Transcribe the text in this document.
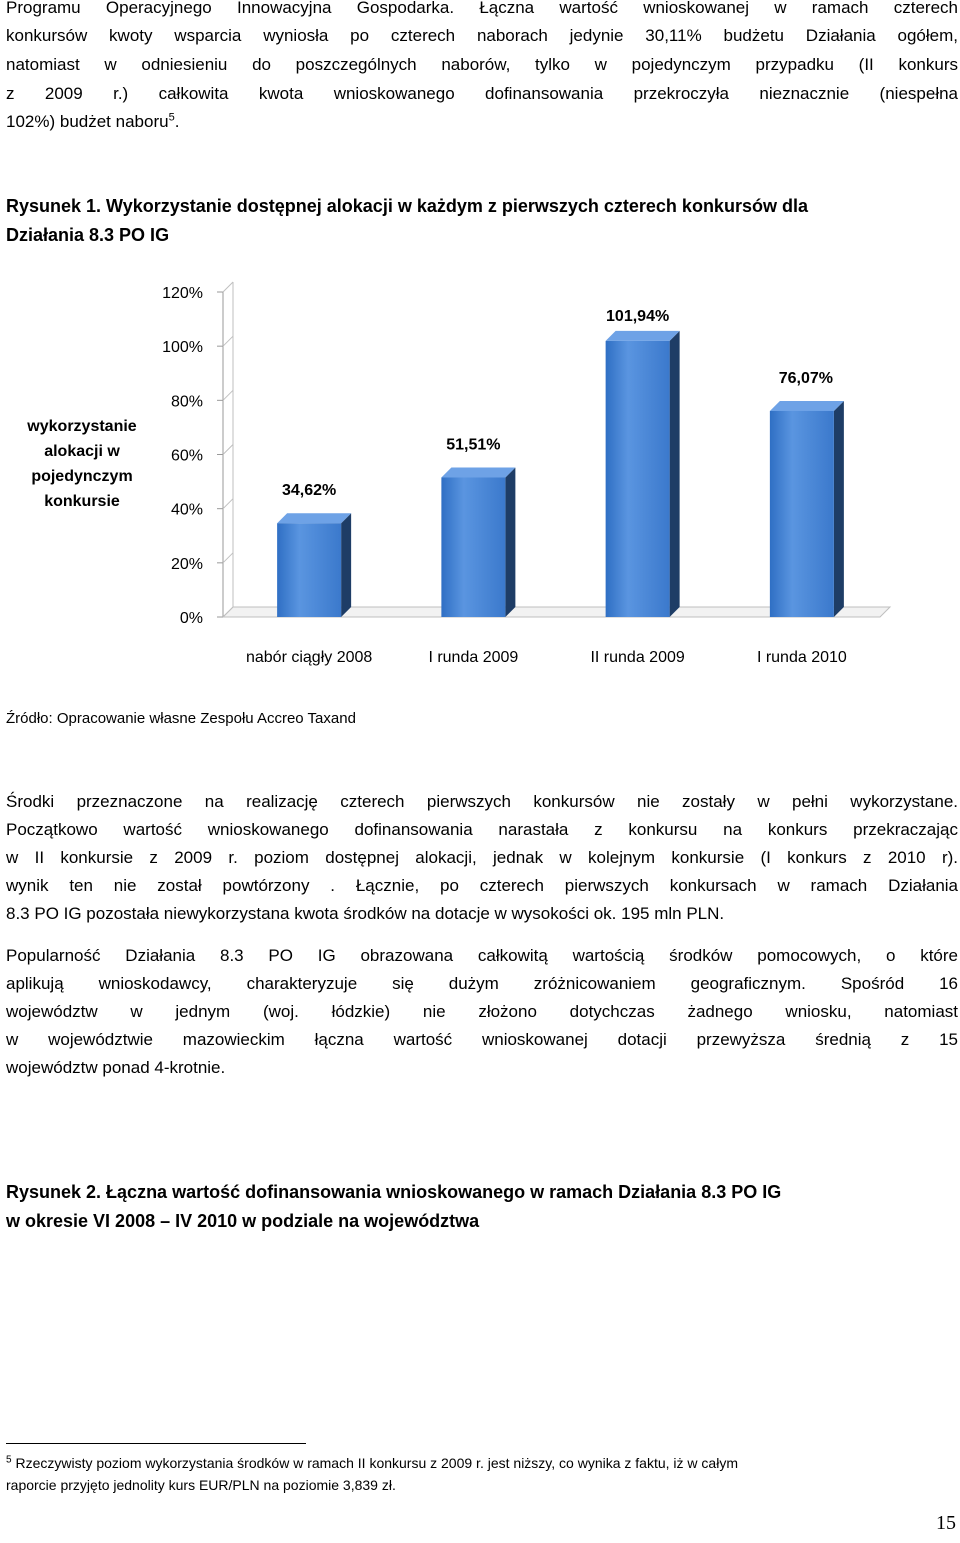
Programu Operacyjnego Innowacyjna Gospodarka. Łączna wartość wnioskowanej w ramach czterech

konkursów kwoty wsparcia wyniosła po czterech naborach jedynie 30,11% budżetu Działania ogółem,

natomiast w odniesieniu do poszczególnych naborów, tylko w pojedynczym przypadku (II konkurs

z 2009 r.) całkowita kwota wnioskowanego dofinansowania przekroczyła nieznacznie (niespełna

102%) budżet naboru$^5$.

Rysunek 1. Wykorzystanie dostępnej alokacji w każdym z pierwszych czterech konkursów dla

Działania 8.3 PO IG

0%
20%
40%
60%
80%
100%
120%
34,62%
51,51%
101,94%
76,07%
nabór ciągły 2008	I runda 2009	II runda 2009	I runda 2010
wykorzystanie
alokacji w
pojedynczym
konkursie

Źródło: Opracowanie własne Zespołu Accreo Taxand

Środki przeznaczone na realizację czterech pierwszych konkursów nie zostały w pełni wykorzystane.

Początkowo wartość wnioskowanego dofinansowania narastała z konkursu na konkurs przekraczając

w II konkursie z 2009 r. poziom dostępnej alokacji, jednak w kolejnym konkursie (I konkurs z 2010 r).

wynik ten nie został powtórzony . Łącznie, po czterech pierwszych konkursach w ramach Działania

8.3 PO IG pozostała niewykorzystana kwota środków na dotacje w wysokości ok. 195 mln PLN.

Popularność Działania 8.3 PO IG obrazowana całkowitą wartością środków pomocowych, o które

aplikują wnioskodawcy, charakteryzuje się dużym zróżnicowaniem geograficznym. Spośród 16

województw w jednym (woj. łódzkie) nie złożono dotychczas żadnego wniosku, natomiast

w województwie mazowieckim łączna wartość wnioskowanej dotacji przewyższa średnią z 15

województw ponad 4-krotnie.

Rysunek 2. Łączna wartość dofinansowania wnioskowanego w ramach Działania 8.3 PO IG

w okresie VI 2008 – IV 2010 w podziale na województwa

$^5$ Rzeczywisty poziom wykorzystania środków w ramach II konkursu z 2009 r. jest niższy, co wynika z faktu, iż w całym
raporcie przyjęto jednolity kurs EUR/PLN na poziomie 3,839 zł.

15
